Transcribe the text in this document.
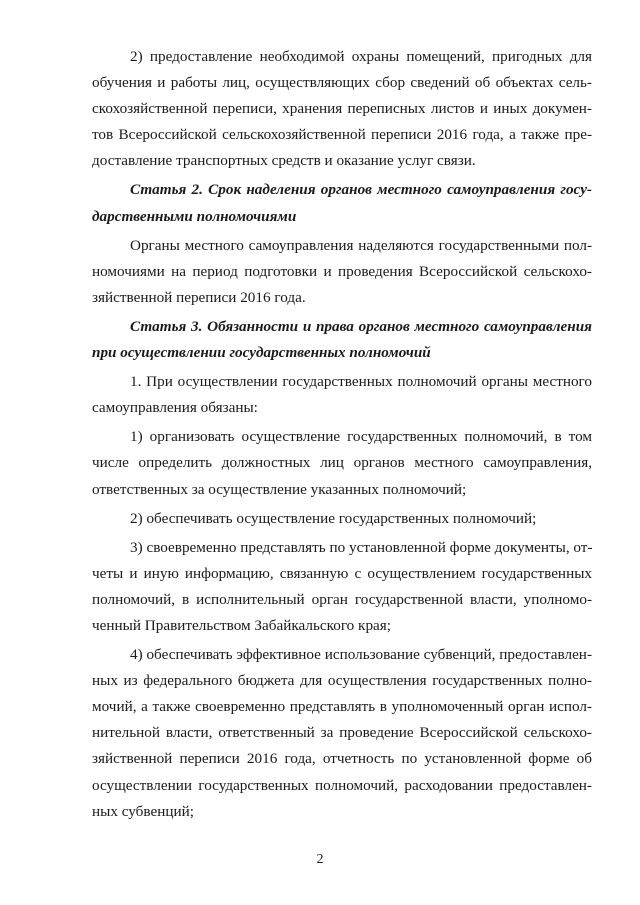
2) предоставление необходимой охраны помещений, пригодных для
обучения и работы лиц, осуществляющих сбор сведений об объектах сель-
скохозяйственной переписи, хранения переписных листов и иных докумен-
тов Всероссийской сельскохозяйственной переписи 2016 года, а также пре-
доставление транспортных средств и оказание услуг связи.
Статья 2. Срок наделения органов местного самоуправления госу-
дарственными полномочиями
Органы местного самоуправления наделяются государственными пол-
номочиями на период подготовки и проведения Всероссийской сельскохо-
зяйственной переписи 2016 года.
Статья 3. Обязанности и права органов местного самоуправления
при осуществлении государственных полномочий
1. При осуществлении государственных полномочий органы местного
самоуправления обязаны:
1) организовать осуществление государственных полномочий, в том
числе определить должностных лиц органов местного самоуправления,
ответственных за осуществление указанных полномочий;
2) обеспечивать осуществление государственных полномочий;
3) своевременно представлять по установленной форме документы, от-
четы и иную информацию, связанную с осуществлением государственных
полномочий, в исполнительный орган государственной власти, уполномо-
ченный Правительством Забайкальского края;
4) обеспечивать эффективное использование субвенций, предоставлен-
ных из федерального бюджета для осуществления государственных полно-
мочий, а также своевременно представлять в уполномоченный орган испол-
нительной власти, ответственный за проведение Всероссийской сельскохо-
зяйственной переписи 2016 года, отчетность по установленной форме об
осуществлении государственных полномочий, расходовании предоставлен-
ных субвенций;
2
